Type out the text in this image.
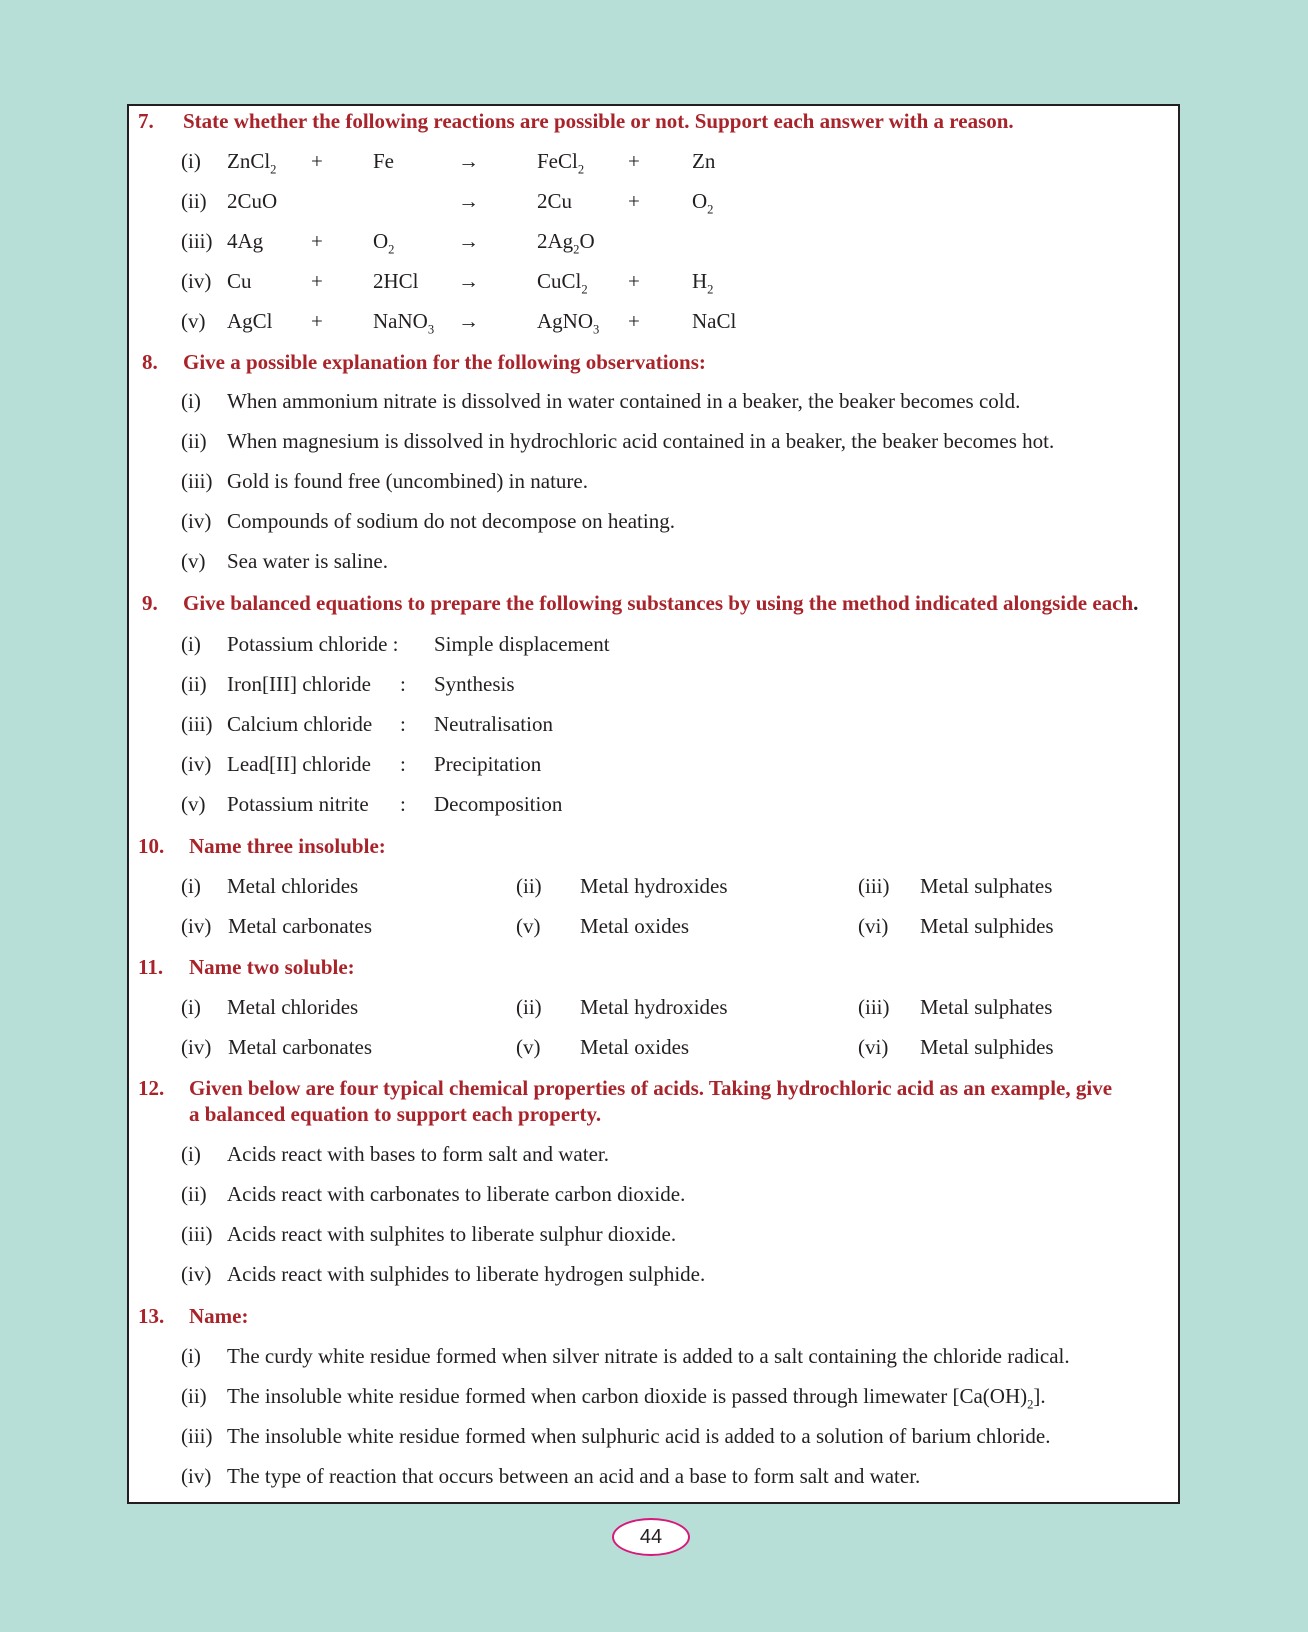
7. State whether the following reactions are possible or not. Support each answer with a reason.
(i) ZnCl$_2$ + Fe	→	FeCl$_2$ + Zn
(ii) 2CuO	→	2Cu	+ $O_2$
(iii) $4Ag + O_2$	→	$2Ag_2O$
(iv) Cu	+ 2HCl →	CuCl$_2$ + $H_2$
(v) AgCl + NaNO$_3$ →	AgNO$_3$ + NaCl
8. Give a possible explanation for the following observations:
(i) When ammonium nitrate is dissolved in water contained in a beaker, the beaker becomes cold.
(ii) When magnesium is dissolved in hydrochloric acid contained in a beaker, the beaker becomes hot.
(iii) Gold is found free (uncombined) in nature.
(iv) Compounds of sodium do not decompose on heating.
(v) Sea water is saline.
9. Give balanced equations to prepare the following substances by using the method indicated alongside each.
(i) Potassium chloride : Simple displacement
(ii) Iron[III] chloride : Synthesis
(iii) Calcium chloride : Neutralisation
(iv) Lead[II] chloride : Precipitation
(v) Potassium nitrite : Decomposition
10. Name three insoluble:
(i) Metal chlorides	(ii) Metal hydroxides	(iii) Metal sulphates
(iv) Metal carbonates	(v) Metal oxides	(vi) Metal sulphides
11. Name two soluble:
(i) Metal chlorides	(ii) Metal hydroxides	(iii) Metal sulphates
(iv) Metal carbonates	(v) Metal oxides	(vi) Metal sulphides
12. Given below are four typical chemical properties of acids. Taking hydrochloric acid as an example, give
a balanced equation to support each property.
(i) Acids react with bases to form salt and water.
(ii) Acids react with carbonates to liberate carbon dioxide.
(iii) Acids react with sulphites to liberate sulphur dioxide.
(iv) Acids react with sulphides to liberate hydrogen sulphide.
13. Name:
(i) The curdy white residue formed when silver nitrate is added to a salt containing the chloride radical.
(ii) The insoluble white residue formed when carbon dioxide is passed through limewater $[Ca(OH)_2]$.
(iii) The insoluble white residue formed when sulphuric acid is added to a solution of barium chloride.
(iv) The type of reaction that occurs between an acid and a base to form salt and water.
44
